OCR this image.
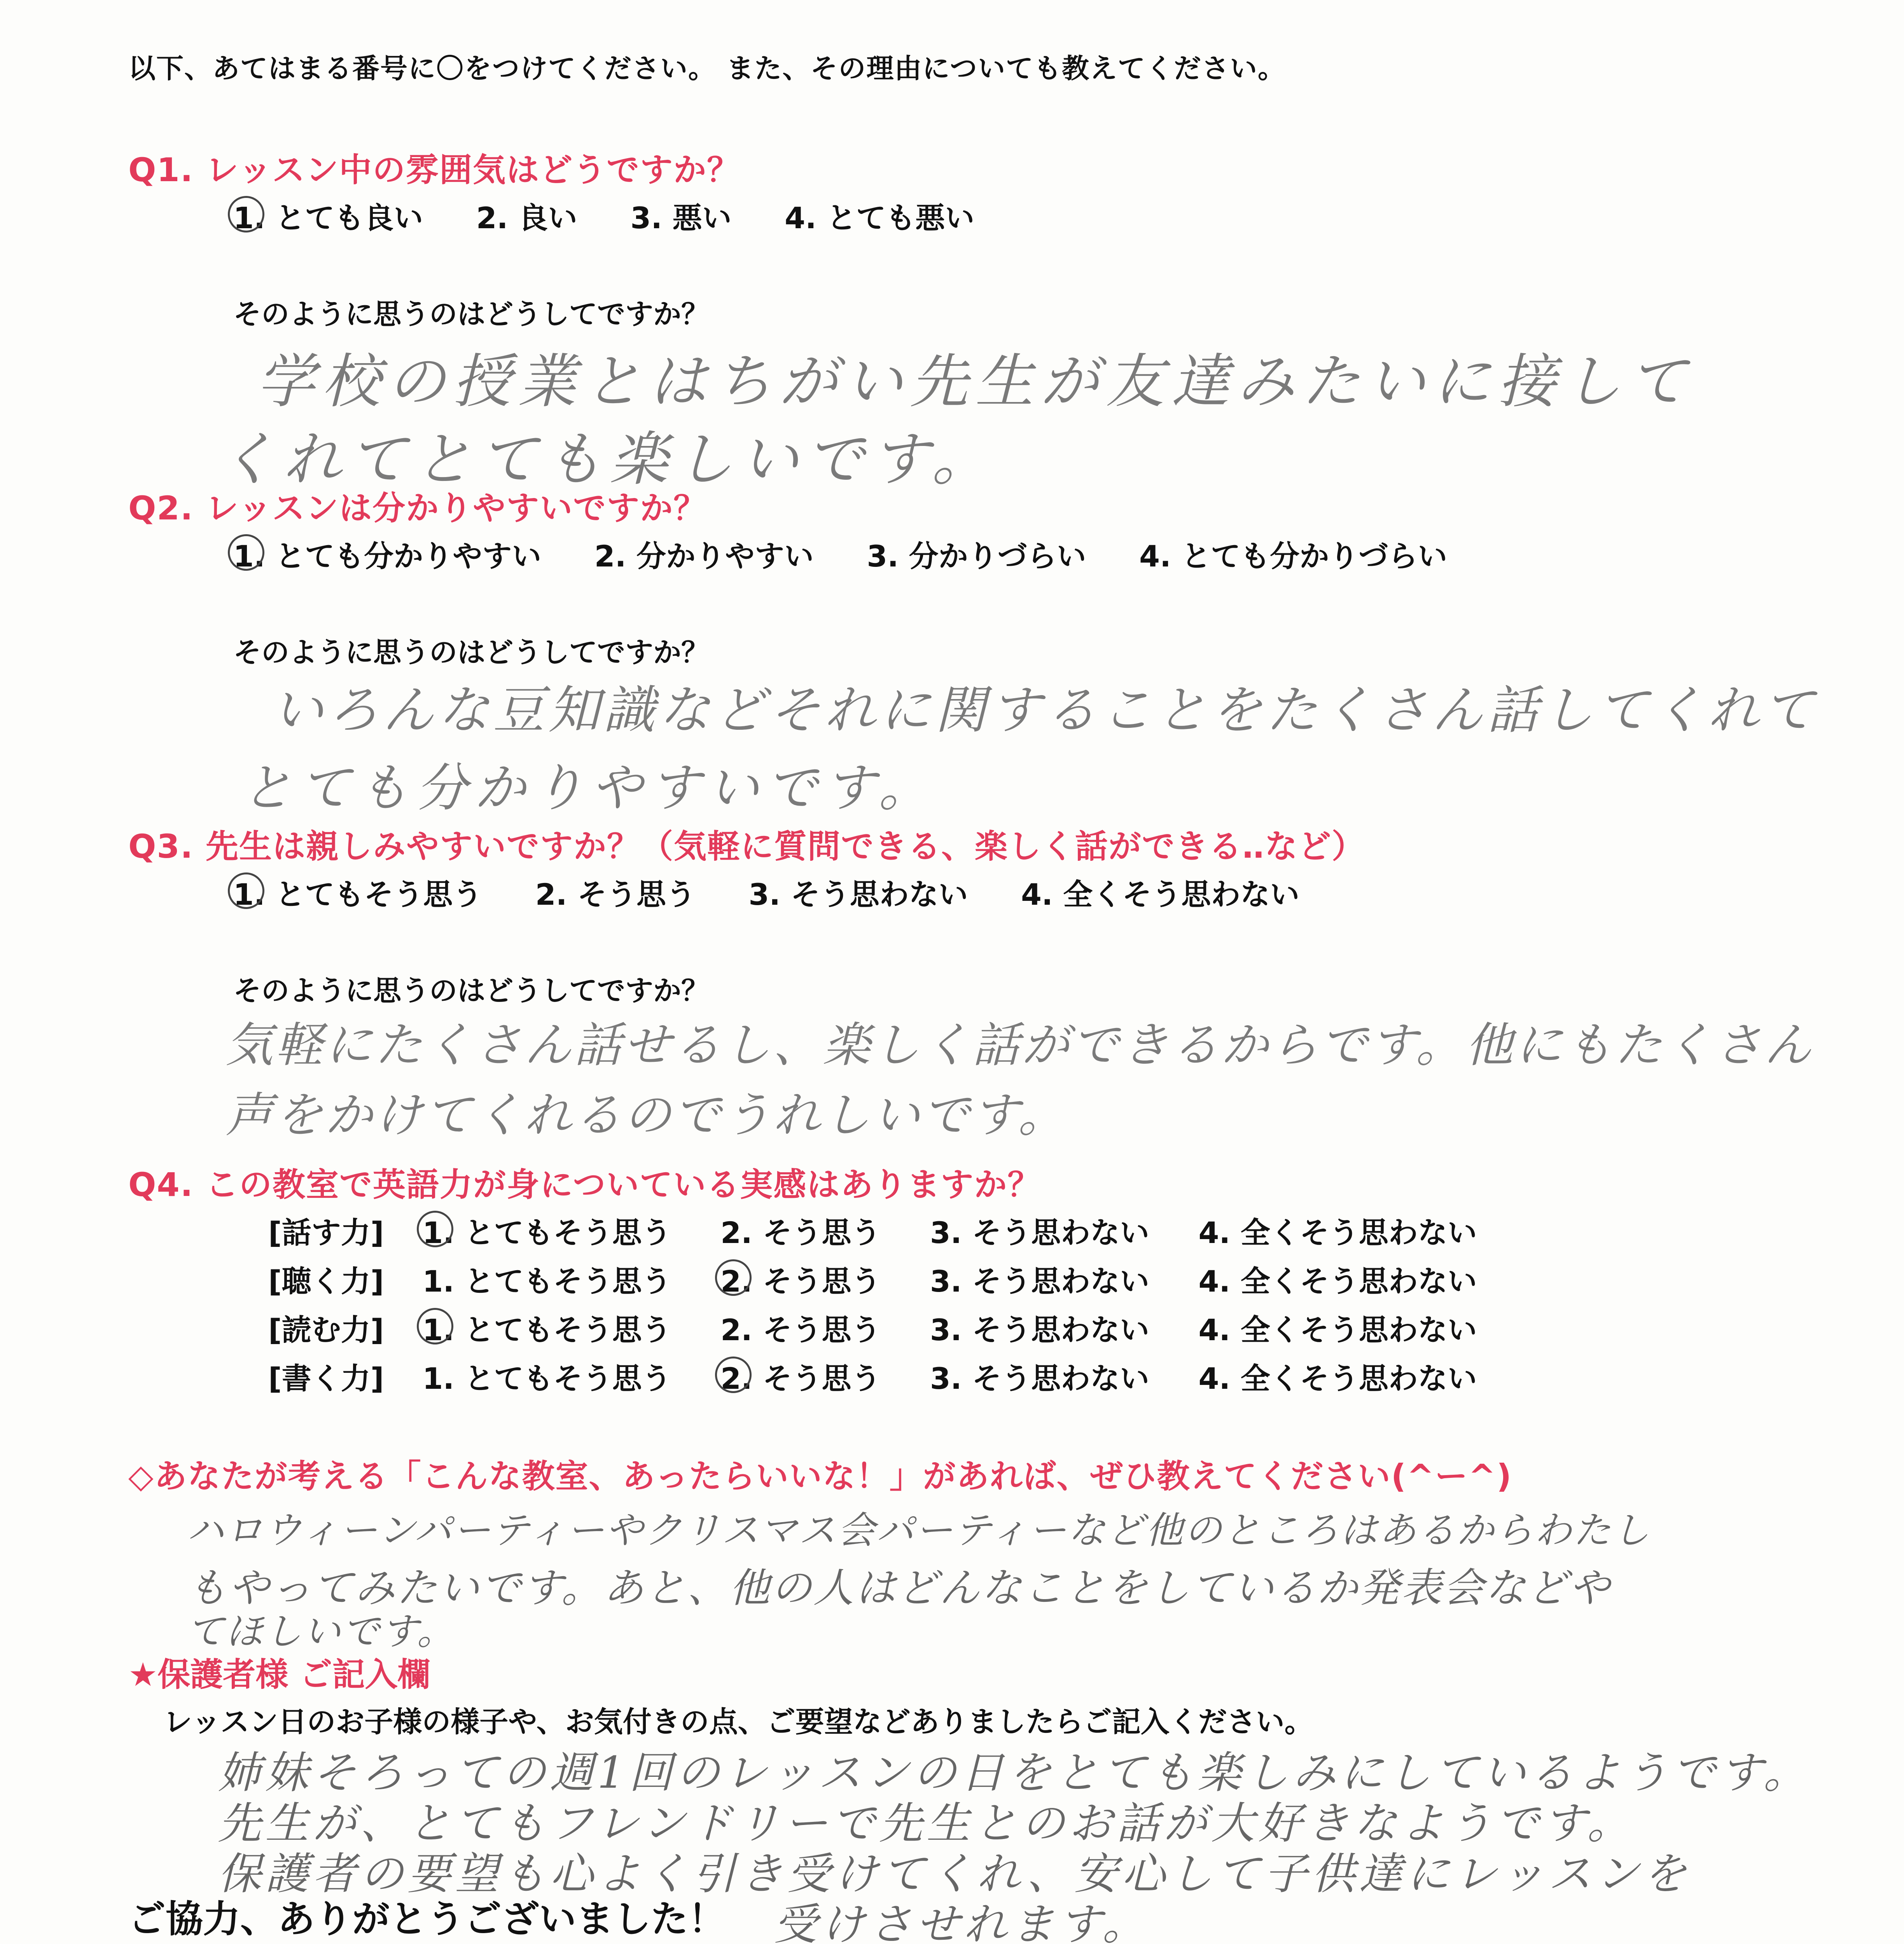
以下、あてはまる番号に〇をつけてください。 また、その理由についても教えてください。
Q1. レッスン中の雰囲気はどうですか？
1. とても良い 2. 良い 3. 悪い 4. とても悪い
そのように思うのはどうしてですか？
学校の授業とはちがい先生が友達みたいに接して
くれてとても楽しいです。
Q2. レッスンは分かりやすいですか？
1. とても分かりやすい 2. 分かりやすい 3. 分かりづらい 4. とても分かりづらい
そのように思うのはどうしてですか？
いろんな豆知識などそれに関することをたくさん話してくれて
とても分かりやすいです。
Q3. 先生は親しみやすいですか？（気軽に質問できる、楽しく話ができる‥など）
1. とてもそう思う 2. そう思う 3. そう思わない 4. 全くそう思わない
そのように思うのはどうしてですか？
気軽にたくさん話せるし、楽しく話ができるからです。他にもたくさん
声をかけてくれるのでうれしいです。
Q4. この教室で英語力が身についている実感はありますか？
[話す力] 1. とてもそう思う 2. そう思う 3. そう思わない 4. 全くそう思わない
[聴く力] 1. とてもそう思う 2. そう思う 3. そう思わない 4. 全くそう思わない
[読む力] 1. とてもそう思う 2. そう思う 3. そう思わない 4. 全くそう思わない
[書く力] 1. とてもそう思う 2. そう思う 3. そう思わない 4. 全くそう思わない
◇あなたが考える「こんな教室、あったらいいな！」があれば、ぜひ教えてください(^ー^)
ハロウィーンパーティーやクリスマス会パーティーなど他のところはあるからわたし
もやってみたいです。あと、他の人はどんなことをしているか発表会などや
てほしいです。
★保護者様 ご記入欄
レッスン日のお子様の様子や、お気付きの点、ご要望などありましたらご記入ください。
姉妹そろっての週1回のレッスンの日をとても楽しみにしているようです。
先生が、とてもフレンドリーで先生とのお話が大好きなようです。
保護者の要望も心よく引き受けてくれ、安心して子供達にレッスンを
ご協力、ありがとうございました！ 受けさせれます。
